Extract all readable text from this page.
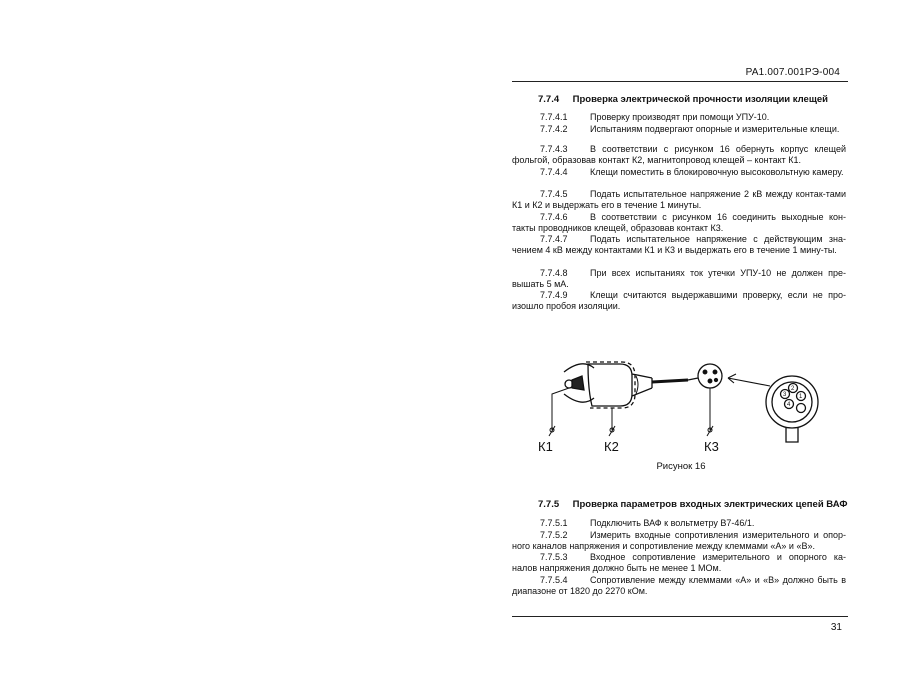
РА1.007.001РЭ-004
7.7.4 Проверка электрической прочности изоляции клещей
7.7.4.1 Проверку производят при помощи УПУ-10.
7.7.4.2 Испытаниям подвергают опорные и измерительные клещи.
7.7.4.3 В соответствии с рисунком 16 обернуть корпус клещей фольгой, образовав контакт К2, магнитопровод клещей – контакт К1.
7.7.4.4 Клещи поместить в блокировочную высоковольтную камеру.
7.7.4.5 Подать испытательное напряжение 2 кВ между контак-тами К1 и К2 и выдержать его в течение 1 минуты.
7.7.4.6 В соответствии с рисунком 16 соединить выходные кон-такты проводников клещей, образовав контакт К3.
7.7.4.7 Подать испытательное напряжение с действующим зна-чением 4 кВ между контактами К1 и К3 и выдержать его в течение 1 мину-ты.
7.7.4.8 При всех испытаниях ток утечки УПУ-10 не должен пре-вышать 5 мА.
7.7.4.9 Клещи считаются выдержавшими проверку, если не про-изошло пробоя изоляции.
3
2
1
4
К1	К2	К3
Рисунок 16
7.7.5 Проверка параметров входных электрических цепей ВАФ
7.7.5.1 Подключить ВАФ к вольтметру В7-46/1.
7.7.5.2 Измерить входные сопротивления измерительного и опор-ного каналов напряжения и сопротивление между клеммами «А» и «В».
7.7.5.3 Входное сопротивление измерительного и опорного ка-налов напряжения должно быть не менее 1 МОм.
7.7.5.4 Сопротивление между клеммами «А» и «В» должно быть в диапазоне от 1820 до 2270 кОм.
31
